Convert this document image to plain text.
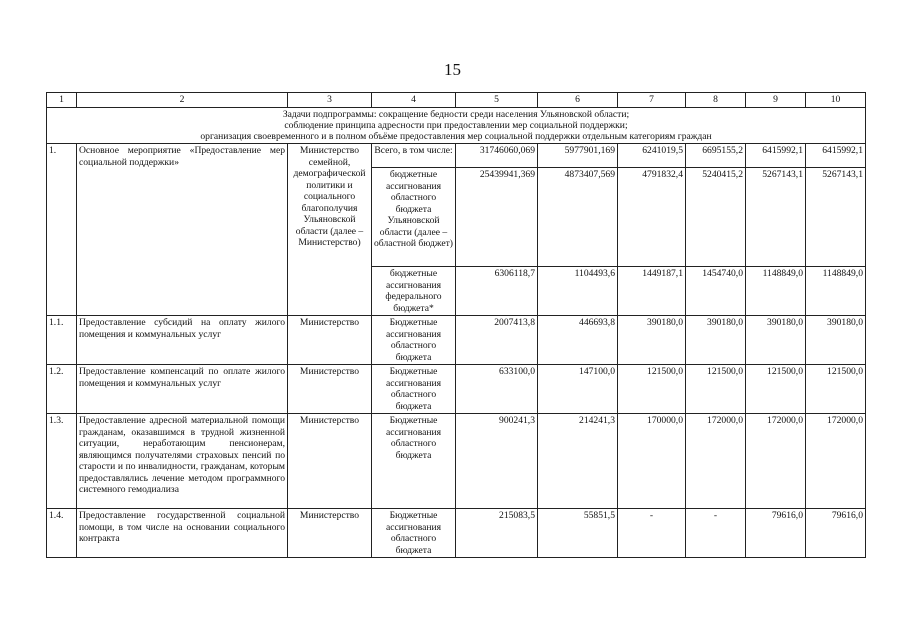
15
1	2	3	4	5	6	7	8	9	10

Задачи подпрограммы: сокращение бедности среди населения Ульяновской области;
соблюдение принципа адресности при предоставлении мер социальной поддержки;
организация своевременного и в полном объёме предоставления мер социальной поддержки отдельным категориям граждан									

1.	Основное мероприятие «Предоставление мер социальной поддержки»	Министерство семейной, демографической политики и социального благополучия Ульяновской области (далее – Министерство)	Всего, в том числе:	31746060,069	5977901,169	6241019,5	6695155,2	6415992,1	6415992,1
			бюджетные ассигнования областного бюджета Ульяновской области (далее – областной бюджет)	25439941,369	4873407,569	4791832,4	5240415,2	5267143,1	5267143,1
			бюджетные ассигнования федерального бюджета*	6306118,7	1104493,6	1449187,1	1454740,0	1148849,0	1148849,0
1.1.	Предоставление субсидий на оплату жилого помещения и коммунальных услуг	Министерство	Бюджетные ассигнования областного бюджета	2007413,8	446693,8	390180,0	390180,0	390180,0	390180,0
1.2.	Предоставление компенсаций по оплате жилого помещения и коммунальных услуг	Министерство	Бюджетные ассигнования областного бюджета	633100,0	147100,0	121500,0	121500,0	121500,0	121500,0
1.3.	Предоставление адресной материальной помощи гражданам, оказавшимся в трудной жизненной ситуации, неработающим пенсионерам, являющимся получателями страховых пенсий по старости и по инвалидности, гражданам, которым предоставлялись лечение методом программного системного гемодиализа	Министерство	Бюджетные ассигнования областного бюджета	900241,3	214241,3	170000,0	172000,0	172000,0	172000,0
1.4.	Предоставление государственной социальной помощи, в том числе на основании социального контракта	Министерство	Бюджетные ассигнования областного бюджета	215083,5	55851,5	-	-	79616,0	79616,0
